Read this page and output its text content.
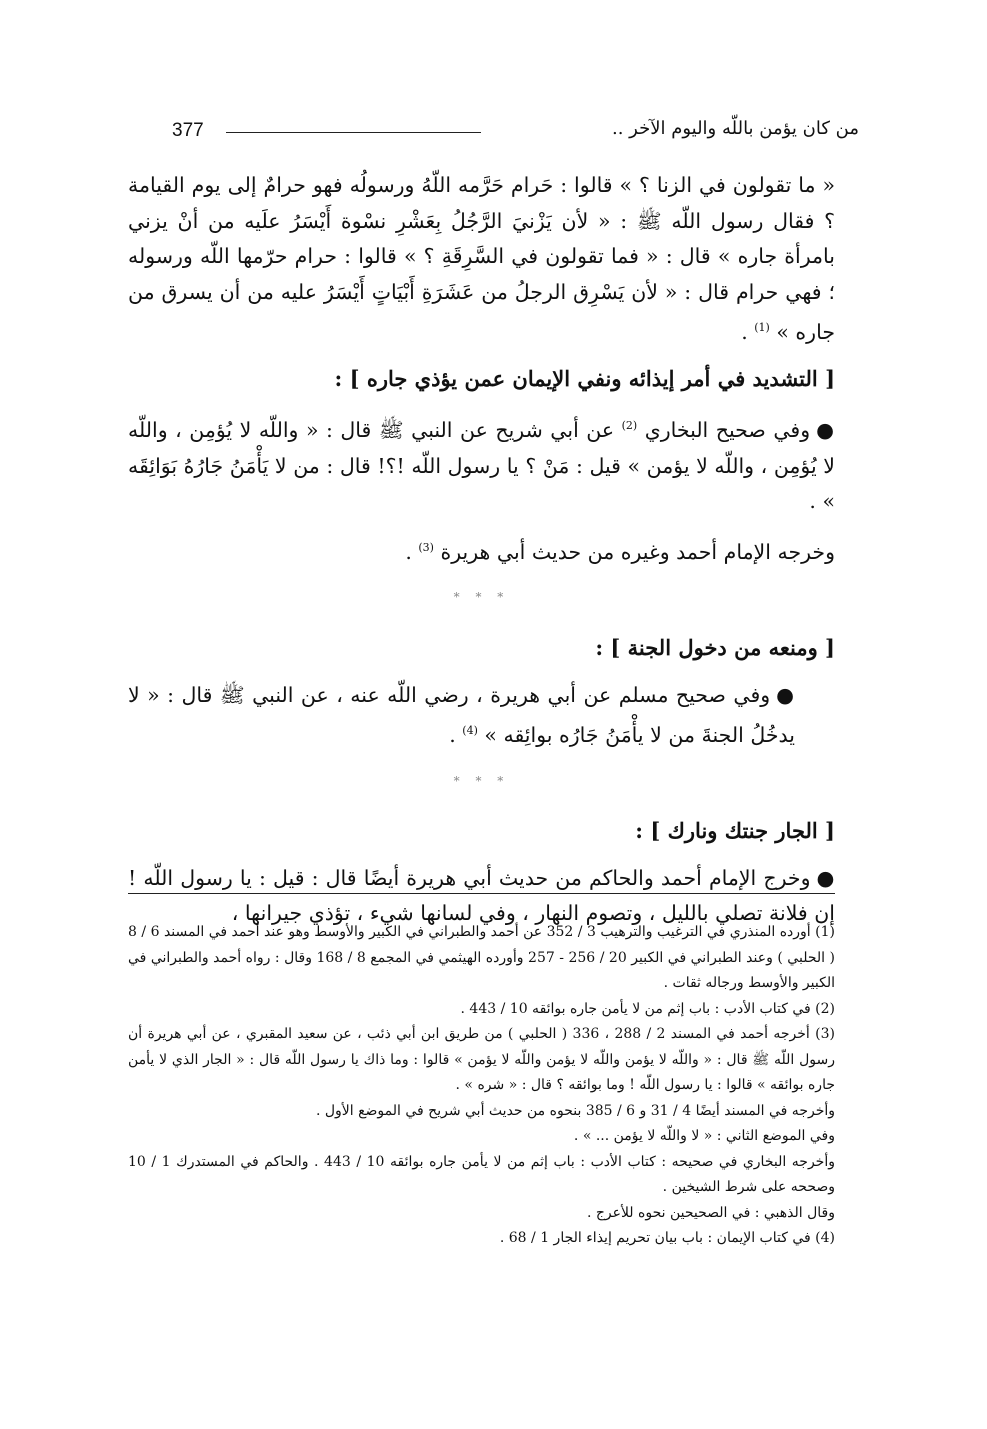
377	من كان يؤمن باللّه واليوم الآخر ..

« ما تقولون في الزنا ؟ » قالوا : حَرام حَرَّمه اللّهُ ورسولُه فهو حرامٌ إلى يوم القيامة ؟ فقال رسول اللّه ﷺ : « لأن يَزْنيَ الرَّجُلُ بِعَشْرِ نسْوة أَيْسَرُ علَيه من أنْ يزني بامرأة جاره » قال : « فما تقولون في السَّرِقَةِ ؟ » قالوا : حرام حرّمها اللّه ورسوله ؛ فهي حرام قال : « لأن يَسْرِق الرجلُ من عَشَرَةِ أَبْيَاتٍ أَيْسَرُ عليه من أن يسرق من جاره » $^{(1)}$ .

[ التشديد في أمر إيذائه ونفي الإيمان عمن يؤذي جاره ] :

●وفي صحيح البخاري $^{(2)}$ عن أبي شريح عن النبي ﷺ قال : « واللّه لا يُؤمِن ، واللّه لا يُؤمِن ، واللّه لا يؤمن » قيل : مَنْ ؟ يا رسول اللّه !؟! قال : من لا يَأْمَنُ جَارُهُ بَوَائِقَه » .

وخرجه الإمام أحمد وغيره من حديث أبي هريرة $^{(3)}$ .

* * *

[ ومنعه من دخول الجنة ] :

●وفي صحيح مسلم عن أبي هريرة ، رضي اللّه عنه ، عن النبي ﷺ قال : « لا يدخُلُ الجنةَ من لا يأْمَنُ جَارُه بوائِقه » $^{(4)}$ .

* * *

[ الجار جنتك ونارك ] :

●وخرج الإمام أحمد والحاكم من حديث أبي هريرة أيضًا قال : قيل : يا رسول اللّه ! إن فلانة تصلي بالليل ، وتصوم النهار ، وفي لسانها شيء ، تؤذي جيرانها ،

(1) أورده المنذري في الترغيب والترهيب 3 / 352 عن أحمد والطبراني في الكبير والأوسط وهو عند أحمد في المسند 6 / 8 ( الحلبي ) وعند الطبراني في الكبير 20 / 256 - 257 وأورده الهيثمي في المجمع 8 / 168 وقال : رواه أحمد والطبراني في الكبير والأوسط ورجاله ثقات .

(2) في كتاب الأدب : باب إثم من لا يأمن جاره بوائقه 10 / 443 .

(3) أخرجه أحمد في المسند 2 / 288 ، 336 ( الحلبي ) من طريق ابن أبي ذئب ، عن سعيد المقبري ، عن أبي هريرة أن رسول اللّه ﷺ قال : « واللّه لا يؤمن واللّه لا يؤمن واللّه لا يؤمن » قالوا : وما ذاك يا رسول اللّه قال : « الجار الذي لا يأمن جاره بوائقه » قالوا : يا رسول اللّه ! وما بوائقه ؟ قال : « شره » .

وأخرجه في المسند أيضًا 4 / 31 و 6 / 385 بنحوه من حديث أبي شريح في الموضع الأول .

وفي الموضع الثاني : « لا واللّه لا يؤمن ... » .

وأخرجه البخاري في صحيحه : كتاب الأدب : باب إثم من لا يأمن جاره بوائقه 10 / 443 . والحاكم في المستدرك 1 / 10 وصححه على شرط الشيخين .

وقال الذهبي : في الصحيحين نحوه للأعرج .

(4) في كتاب الإيمان : باب بيان تحريم إيذاء الجار 1 / 68 .
